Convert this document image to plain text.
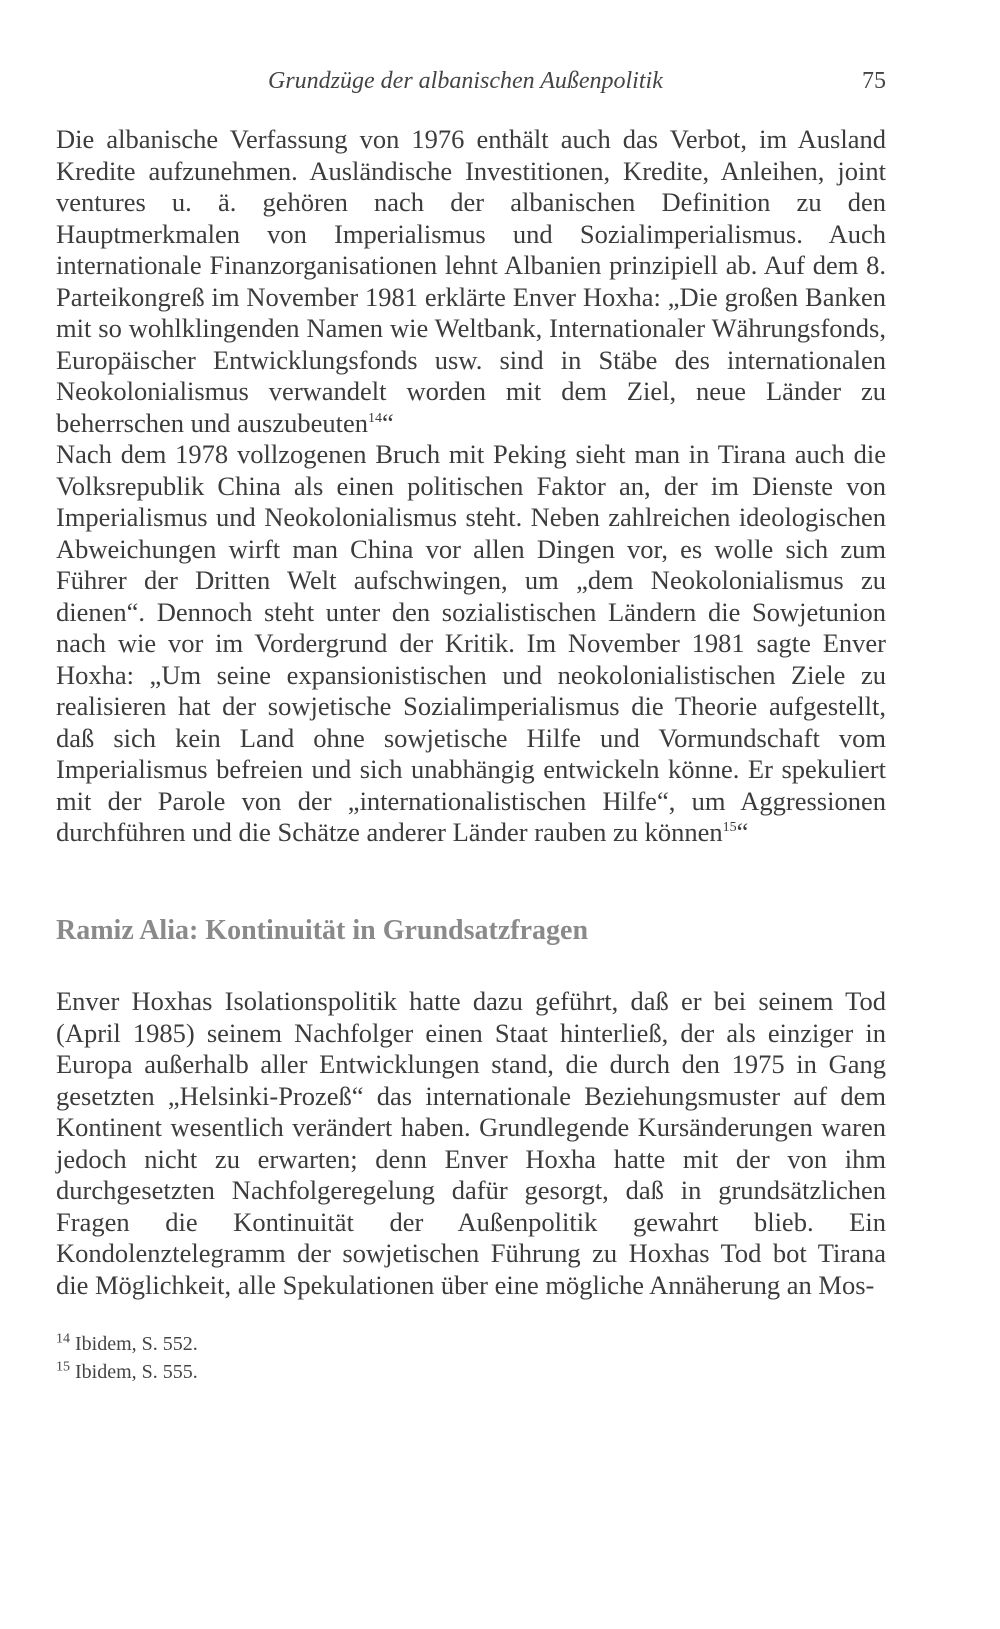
Grundzüge der albanischen Außenpolitik	75

Die albanische Verfassung von 1976 enthält auch das Verbot, im Ausland Kredite aufzunehmen. Ausländische Investitionen, Kredite, Anleihen, joint ventures u. ä. gehören nach der albanischen Definition zu den Hauptmerkmalen von Imperialismus und Sozialimperialismus. Auch internationale Finanzorganisationen lehnt Albanien prinzipiell ab. Auf dem 8. Parteikongreß im November 1981 erklärte Enver Hoxha: „Die großen Banken mit so wohlklingenden Namen wie Weltbank, Internationaler Währungsfonds, Europäischer Entwicklungsfonds usw. sind in Stäbe des internationalen Neokolonialismus verwandelt worden mit dem Ziel, neue Länder zu beherrschen und auszubeuten$^{14}$“

Nach dem 1978 vollzogenen Bruch mit Peking sieht man in Tirana auch die Volksrepublik China als einen politischen Faktor an, der im Dienste von Imperialismus und Neokolonialismus steht. Neben zahlreichen ideologischen Abweichungen wirft man China vor allen Dingen vor, es wolle sich zum Führer der Dritten Welt aufschwingen, um „dem Neokolonialismus zu dienen“. Dennoch steht unter den sozialistischen Ländern die Sowjetunion nach wie vor im Vordergrund der Kritik. Im November 1981 sagte Enver Hoxha: „Um seine expansionistischen und neokolonialistischen Ziele zu realisieren hat der sowjetische Sozialimperialismus die Theorie aufgestellt, daß sich kein Land ohne sowjetische Hilfe und Vormundschaft vom Imperialismus befreien und sich unabhängig entwickeln könne. Er spekuliert mit der Parole von der „internationalistischen Hilfe“, um Aggressionen durchführen und die Schätze anderer Länder rauben zu können$^{15}$“

Ramiz Alia: Kontinuität in Grundsatzfragen

Enver Hoxhas Isolationspolitik hatte dazu geführt, daß er bei seinem Tod (April 1985) seinem Nachfolger einen Staat hinterließ, der als einziger in Europa außerhalb aller Entwicklungen stand, die durch den 1975 in Gang gesetzten „Helsinki-Prozeß“ das internationale Beziehungsmuster auf dem Kontinent wesentlich verändert haben. Grundlegende Kursänderungen waren jedoch nicht zu erwarten; denn Enver Hoxha hatte mit der von ihm durchgesetzten Nachfolgeregelung dafür gesorgt, daß in grundsätzlichen Fragen die Kontinuität der Außenpolitik gewahrt blieb. Ein Kondolenztelegramm der sowjetischen Führung zu Hoxhas Tod bot Tirana die Möglichkeit, alle Spekulationen über eine mögliche Annäherung an Mos-

$^{14}$ Ibidem, S. 552.
$^{15}$ Ibidem, S. 555.
